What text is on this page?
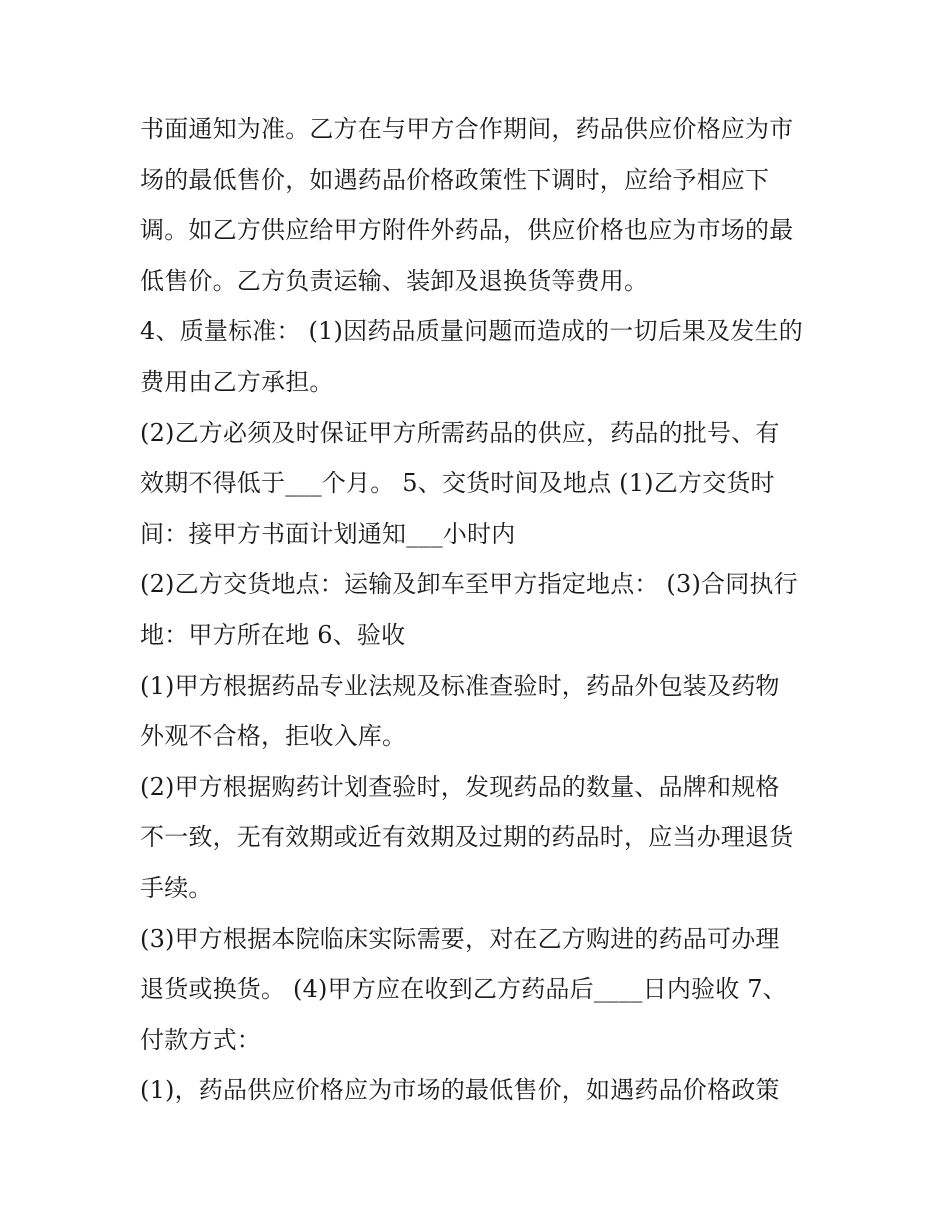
书面通知为准。乙方在与甲方合作期间，药品供应价格应为市
场的最低售价，如遇药品价格政策性下调时，应给予相应下
调。如乙方供应给甲方附件外药品，供应价格也应为市场的最
低售价。乙方负责运输、装卸及退换货等费用。
4、质量标准： (1)因药品质量问题而造成的一切后果及发生的
费用由乙方承担。
(2)乙方必须及时保证甲方所需药品的供应，药品的批号、有
效期不得低于___个月。 5、交货时间及地点 (1)乙方交货时
间：接甲方书面计划通知___小时内
(2)乙方交货地点：运输及卸车至甲方指定地点： (3)合同执行
地：甲方所在地 6、验收
(1)甲方根据药品专业法规及标准查验时，药品外包装及药物
外观不合格，拒收入库。
(2)甲方根据购药计划查验时，发现药品的数量、品牌和规格
不一致，无有效期或近有效期及过期的药品时，应当办理退货
手续。
(3)甲方根据本院临床实际需要，对在乙方购进的药品可办理
退货或换货。 (4)甲方应在收到乙方药品后____日内验收 7、
付款方式：
(1)，药品供应价格应为市场的最低售价，如遇药品价格政策
